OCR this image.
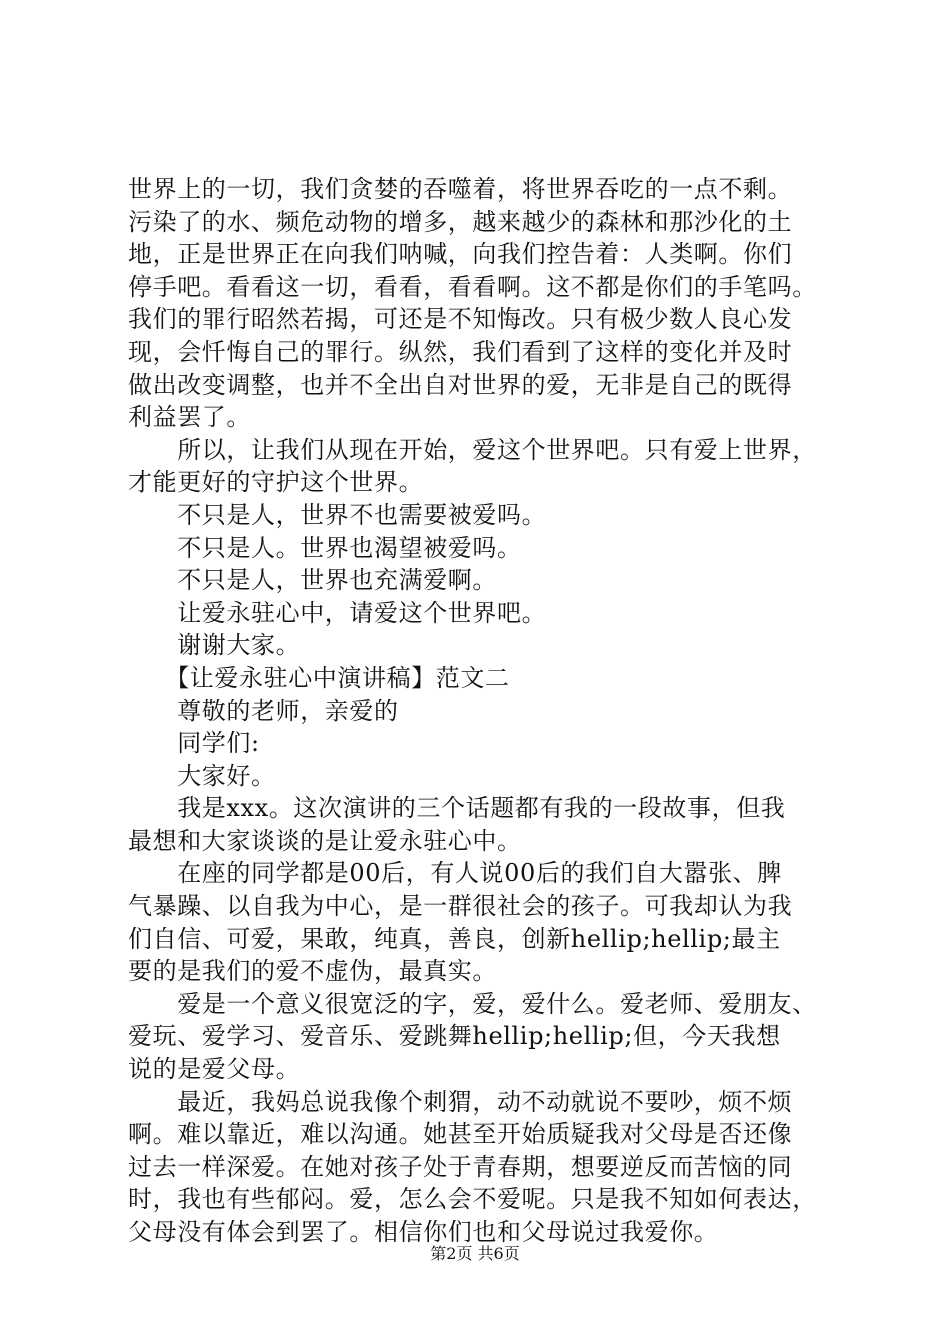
世界上的一切，我们贪婪的吞噬着，将世界吞吃的一点不剩。

污染了的水、频危动物的增多，越来越少的森林和那沙化的土

地，正是世界正在向我们呐喊，向我们控告着：人类啊。你们

停手吧。看看这一切，看看，看看啊。这不都是你们的手笔吗。

我们的罪行昭然若揭，可还是不知悔改。只有极少数人良心发

现，会忏悔自己的罪行。纵然，我们看到了这样的变化并及时

做出改变调整，也并不全出自对世界的爱，无非是自己的既得

利益罢了。

　　所以，让我们从现在开始，爱这个世界吧。只有爱上世界，

才能更好的守护这个世界。

　　不只是人，世界不也需要被爱吗。

　　不只是人。世界也渴望被爱吗。

　　不只是人，世界也充满爱啊。

　　让爱永驻心中，请爱这个世界吧。

　　谢谢大家。

　　【让爱永驻心中演讲稿】范文二

　　尊敬的老师，亲爱的

　　同学们:

　　大家好。

　　我是xxx。这次演讲的三个话题都有我的一段故事，但我

最想和大家谈谈的是让爱永驻心中。

　　在座的同学都是00后，有人说00后的我们自大嚣张、脾

气暴躁、以自我为中心，是一群很社会的孩子。可我却认为我

们自信、可爱，果敢，纯真，善良，创新hellip;hellip;最主

要的是我们的爱不虚伪，最真实。

　　爱是一个意义很宽泛的字，爱，爱什么。爱老师、爱朋友、

爱玩、爱学习、爱音乐、爱跳舞hellip;hellip;但，今天我想

说的是爱父母。

　　最近，我妈总说我像个刺猬，动不动就说不要吵，烦不烦

啊。难以靠近，难以沟通。她甚至开始质疑我对父母是否还像

过去一样深爱。在她对孩子处于青春期，想要逆反而苦恼的同

时，我也有些郁闷。爱，怎么会不爱呢。只是我不知如何表达，

父母没有体会到罢了。相信你们也和父母说过我爱你。

第2页 共6页
